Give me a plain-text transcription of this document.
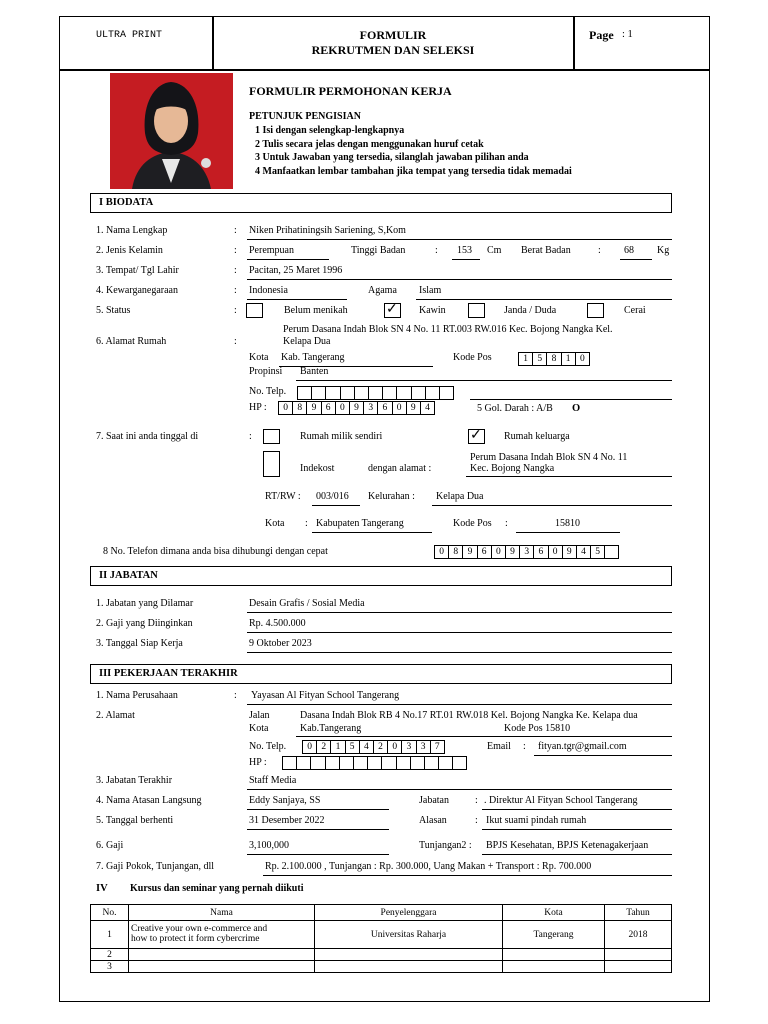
ULTRA PRINT	FORMULIR
REKRUTMEN DAN SELEKSI
Page : 1
FORMULIR PERMOHONAN KERJA
PETUNJUK PENGISIAN
1 Isi dengan selengkap-lengkapnya
2 Tulis secara jelas dengan menggunakan huruf cetak
3 Untuk Jawaban yang tersedia, silanglah jawaban pilihan anda
4 Manfaatkan lembar tambahan jika tempat yang tersedia tidak memadai
I BIODATA
1. Nama Lengkap	: Niken Prihatiningsih Sariening, S,Kom
2. Jenis Kelamin	: Perempuan	Tinggi Badan	: 153 Cm Berat Badan	: 68 Kg
3. Tempat/ Tgl Lahir	: Pacitan, 25 Maret 1996
4. Kewarganegaraan	: Indonesia	Agama Islam
5. Status	:	Belum menikah	✓ Kawin	Janda / Duda	Cerai
6. Alamat Rumah	:
Perum Dasana Indah Blok SN 4 No. 11 RT.003 RW.016 Kec. Bojong Nangka Kel.
Kelapa Dua
Kota Kab. Tangerang	Kode Pos	1 5 8 1 0
Propinsi Banten
No. Telp.
HP :	0 8 9 6 0 9 3 6 0 9 4	5 Gol. Darah : A/B O
7. Saat ini anda tinggal di	:	Rumah milik sendiri	✓ Rumah keluarga
Indekost	dengan alamat :
Perum Dasana Indah Blok SN 4 No. 11
Kec. Bojong Nangka
RT/RW : 003/016 Kelurahan : Kelapa Dua
Kota : Kabupaten Tangerang	Kode Pos :	15810
8 No. Telefon dimana anda bisa dihubungi dengan cepat	0 8 9 6 0 9 3 6 0 9 4 5
II JABATAN
1. Jabatan yang Dilamar	Desain Grafis / Sosial Media
2. Gaji yang Diinginkan	Rp. 4.500.000
3. Tanggal Siap Kerja	9 Oktober 2023
III PEKERJAAN TERAKHIR
1. Nama Perusahaan	: Yayasan Al Fityan School Tangerang
2. Alamat	Jalan	Dasana Indah Blok RB 4 No.17 RT.01 RW.018 Kel. Bojong Nangka Ke. Kelapa dua
Kota	Kab.Tangerang	Kode Pos 15810
No. Telp.	0 2 1 5 4 2 0 3 3 7	Email : fityan.tgr@gmail.com
HP :
3. Jabatan Terakhir	Staff Media
4. Nama Atasan Langsung	Eddy Sanjaya, SS	Jabatan	: . Direktur Al Fityan School Tangerang
5. Tanggal berhenti	31 Desember 2022	Alasan	: Ikut suami pindah rumah
6. Gaji	3,100,000	Tunjangan2 : BPJS Kesehatan, BPJS Ketenagakerjaan
7. Gaji Pokok, Tunjangan, dll	Rp. 2.100.000 , Tunjangan : Rp. 300.000, Uang Makan + Transport : Rp. 700.000
IV Kursus dan seminar yang pernah diikuti
No.	Nama	Penyelenggara	Kota	Tahun
1	Creative your own e-commerce and
how to protect it form cybercrime	Universitas Raharja	Tangerang	2018
2				
3				
